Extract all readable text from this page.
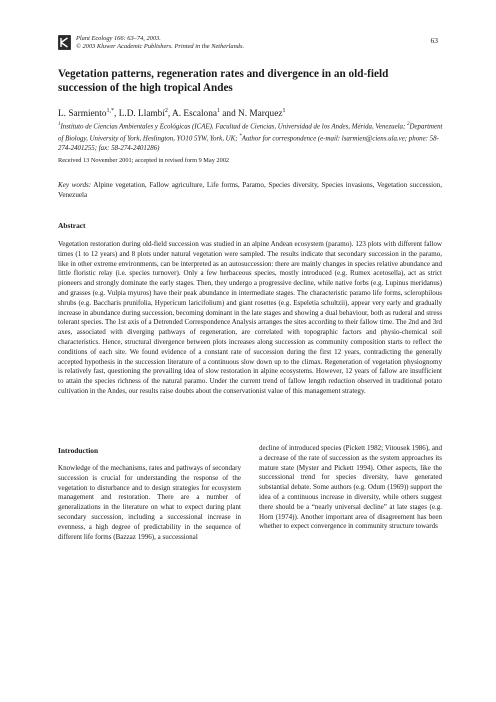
Plant Ecology 166: 63–74, 2003.
© 2003 Kluwer Academic Publishers. Printed in the Netherlands.
63
Vegetation patterns, regeneration rates and divergence in an old-field succession of the high tropical Andes
L. Sarmiento$^{1,*}$, L.D. Llambí$^2$, A. Escalona$^1$ and N. Marquez$^1$
$^1$Instituto de Ciencias Ambientales y Ecológicas (ICAE), Facultad de Ciencias, Universidad de los Andes, Mérida, Venezuela; $^2$Department of Biology, University of York, Heslington, YO10 5YW, York, UK; *Author for correspondence (e-mail: lsarmien@ciens.ula.ve; phone: 58-274-2401255; fax: 58-274-2401286)
Received 13 November 2001; accepted in revised form 9 May 2002
Key words: Alpine vegetation, Fallow agriculture, Life forms, Paramo, Species diversity, Species invasions, Vegetation succession, Venezuela
Abstract
Vegetation restoration during old-field succession was studied in an alpine Andean ecosystem (paramo). 123 plots with different fallow times (1 to 12 years) and 8 plots under natural vegetation were sampled. The results indicate that secondary succession in the paramo, like in other extreme environments, can be interpreted as an autosuccession: there are mainly changes in species relative abundance and little floristic relay (i.e. species turnover). Only a few herbaceous species, mostly introduced (e.g. Rumex acetosella), act as strict pioneers and strongly dominate the early stages. Then, they undergo a progressive decline, while native forbs (e.g. Lupinus meridanus) and grasses (e.g. Vulpia myuros) have their peak abundance in intermediate stages. The characteristic paramo life forms, sclerophilous shrubs (e.g. Baccharis prunifolia, Hypericum laricifolium) and giant rosettes (e.g. Espeletia schultzii), appear very early and gradually increase in abundance during succession, becoming dominant in the late stages and showing a dual behaviour, both as ruderal and stress tolerant species. The 1st axis of a Detrended Correspondence Analysis arranges the sites according to their fallow time. The 2nd and 3rd axes, associated with diverging pathways of regeneration, are correlated with topographic factors and physio-chemical soil characteristics. Hence, structural divergence between plots increases along succession as community composition starts to reflect the conditions of each site. We found evidence of a constant rate of succession during the first 12 years, contradicting the generally accepted hypothesis in the succession literature of a continuous slow down up to the climax. Regeneration of vegetation physiognomy is relatively fast, questioning the prevailing idea of slow restoration in alpine ecosystems. However, 12 years of fallow are insufficient to attain the species richness of the natural paramo. Under the current trend of fallow length reduction observed in traditional potato cultivation in the Andes, our results raise doubts about the conservationist value of this management strategy.
Introduction
Knowledge of the mechanisms, rates and pathways of secondary succession is crucial for understanding the response of the vegetation to disturbance and to design strategies for ecosystem management and restoration. There are a number of generalizations in the literature on what to expect during plant secondary succession, including a successional increase in evenness, a high degree of predictability in the sequence of different life forms (Bazzaz 1996), a successional
decline of introduced species (Pickett 1982; Vitousek 1986), and a decrease of the rate of succession as the system approaches its mature state (Myster and Pickett 1994). Other aspects, like the successional trend for species diversity, have generated substantial debate. Some authors (e.g. Odum (1969)) support the idea of a continuous increase in diversity, while others suggest there should be a “nearly universal decline” at late stages (e.g. Horn (1974)). Another important area of disagreement has been whether to expect convergence in community structure towards
